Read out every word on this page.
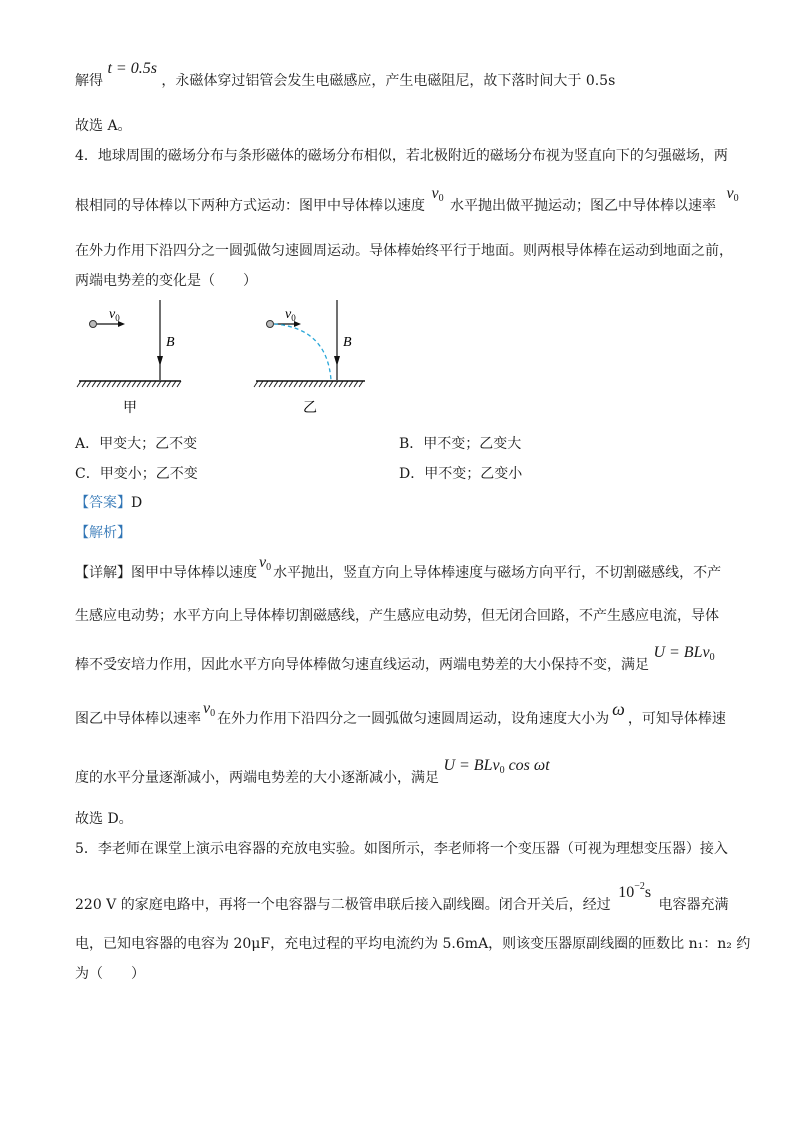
解得 t = 0.5s ，永磁体穿过铝管会发生电磁感应，产生电磁阻尼，故下落时间大于 0.5s
故选 A。
4．地球周围的磁场分布与条形磁体的磁场分布相似，若北极附近的磁场分布视为竖直向下的匀强磁场，两
根相同的导体棒以下两种方式运动：图甲中导体棒以速度 $v_0$ 水平抛出做平抛运动；图乙中导体棒以速率 $v_0$
在外力作用下沿四分之一圆弧做匀速圆周运动。导体棒始终平行于地面。则两根导体棒在运动到地面之前，
两端电势差的变化是（　　）
$v_0$
B
甲
$v_0$
B
乙
A．甲变大；乙不变	B．甲不变；乙变大
C．甲变小；乙不变	D．甲不变；乙变小
【答案】D
【解析】
【详解】图甲中导体棒以速度$v_0$ 水平抛出，竖直方向上导体棒速度与磁场方向平行，不切割磁感线，不产
生感应电动势；水平方向上导体棒切割磁感线，产生感应电动势，但无闭合回路，不产生感应电流，导体
棒不受安培力作用，因此水平方向导体棒做匀速直线运动，两端电势差的大小保持不变，满足 U = BLv$_0$
图乙中导体棒以速率$v_0$ 在外力作用下沿四分之一圆弧做匀速圆周运动，设角速度大小为 ω ，可知导体棒速
度的水平分量逐渐减小，两端电势差的大小逐渐减小，满足 U = BLv$_0$ cos ωt
故选 D。
5．李老师在课堂上演示电容器的充放电实验。如图所示，李老师将一个变压器（可视为理想变压器）接入
220 V 的家庭电路中，再将一个电容器与二极管串联后接入副线圈。闭合开关后，经过 $10^{-2}s$ 电容器充满
电，已知电容器的电容为 20μF，充电过程的平均电流约为 5.6mA，则该变压器原副线圈的匝数比 n₁：n₂ 约
为（　　）
